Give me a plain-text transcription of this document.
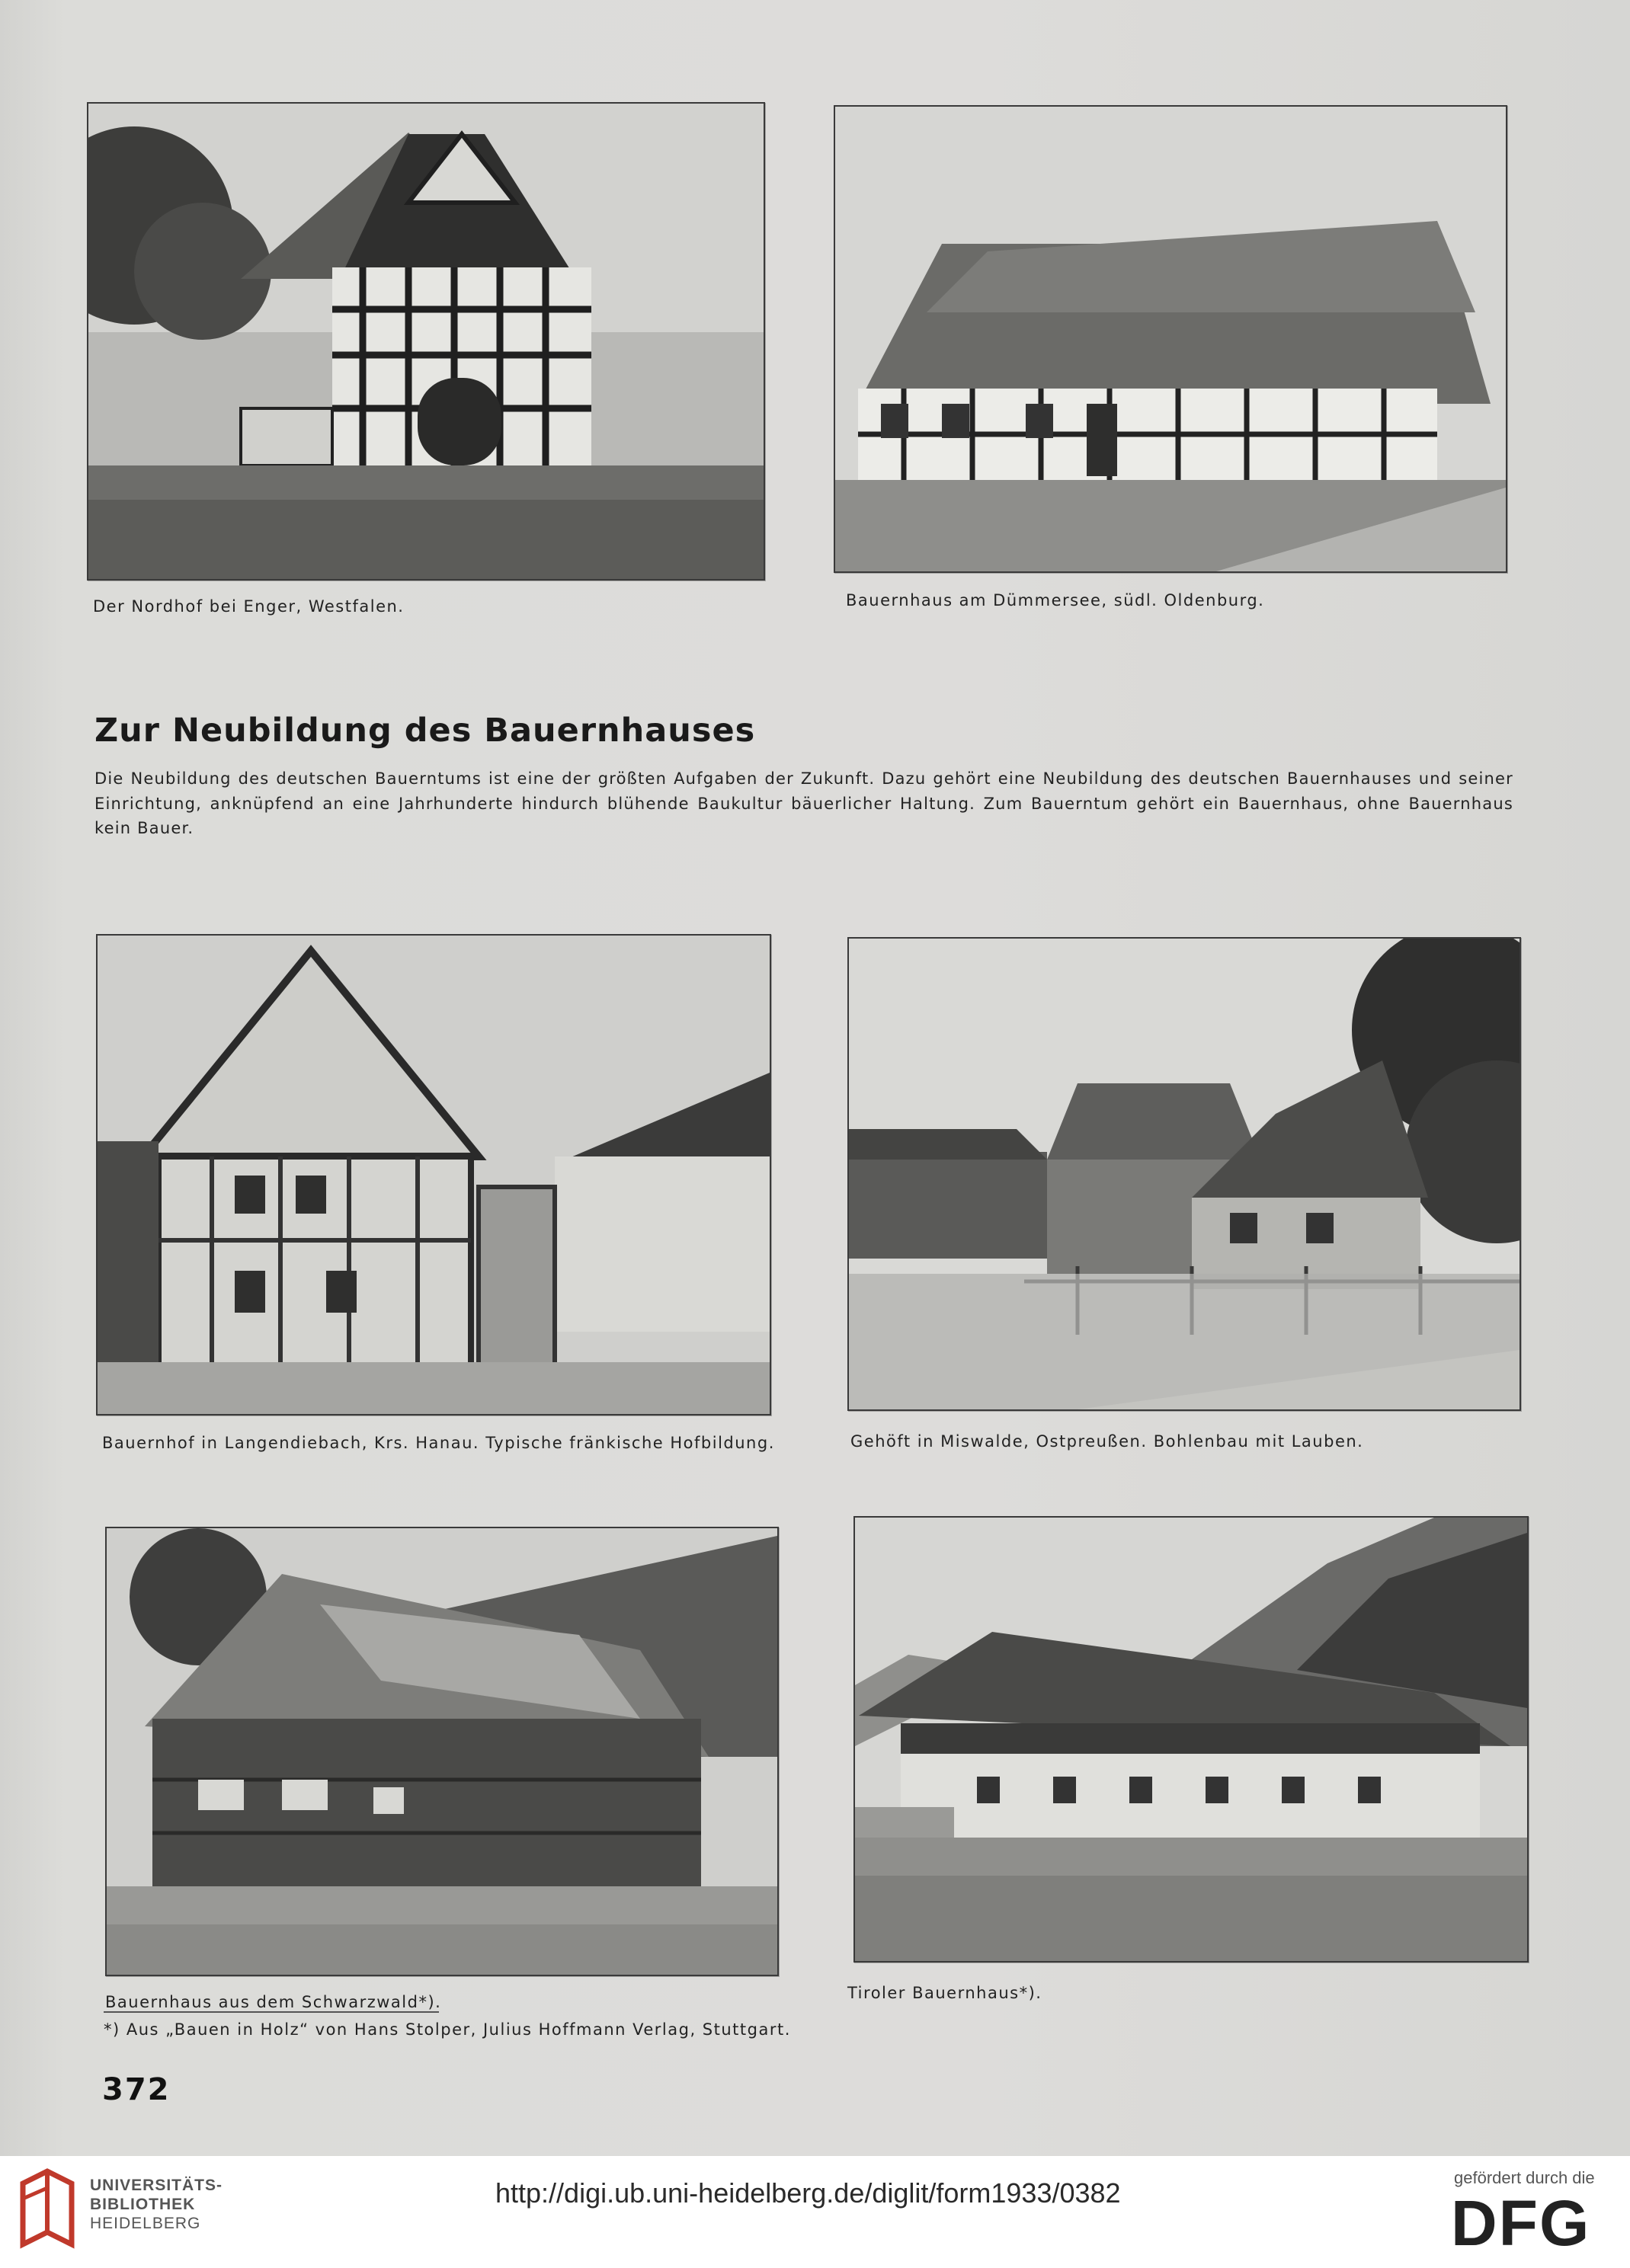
Der Nordhof bei Enger, Westfalen.	Bauernhaus am Dümmersee, südl. Oldenburg.
Zur Neubildung des Bauernhauses
Die Neubildung des deutschen Bauerntums ist eine der größten Aufgaben der Zukunft. Dazu gehört eine Neubildung des deutschen Bauernhauses und seiner Einrichtung, anknüpfend an eine Jahrhunderte hindurch blühende Baukultur bäuerlicher Haltung. Zum Bauerntum gehört ein Bauernhaus, ohne Bauernhaus kein Bauer.
Bauernhof in Langendiebach, Krs. Hanau. Typische fränkische Hofbildung.	Gehöft in Miswalde, Ostpreußen. Bohlenbau mit Lauben.
Bauernhaus aus dem Schwarzwald*).	Tiroler Bauernhaus*).
*) Aus „Bauen in Holz“ von Hans Stolper, Julius Hoffmann Verlag, Stuttgart.
372
UNIVERSITÄTS-
BIBLIOTHEK
HEIDELBERG
http://digi.ub.uni-heidelberg.de/diglit/form1933/0382	gefördert durch die
DFG
